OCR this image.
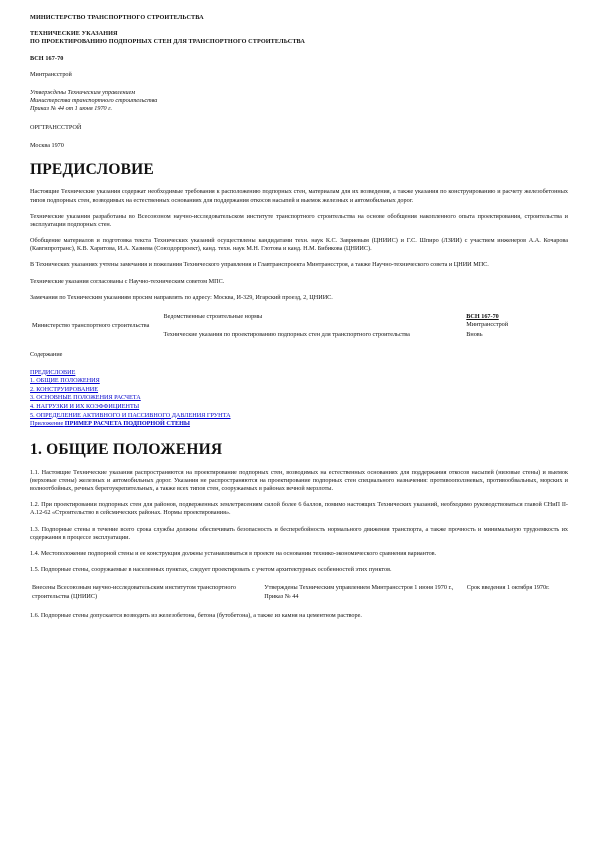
МИНИСТЕРСТВО ТРАНСПОРТНОГО СТРОИТЕЛЬСТВА

ТЕХНИЧЕСКИЕ УКАЗАНИЯ

ПО ПРОЕКТИРОВАНИЮ ПОДПОРНЫХ СТЕН ДЛЯ ТРАНСПОРТНОГО СТРОИТЕЛЬСТВА

ВСН 167-70

Минтрансстрой

Утверждены Техническим управлением

Министерства транспортного строительства

Приказ № 44 от 1 июня 1970 г.

ОРГТРАНССТРОЙ

Москва 1970

ПРЕДИСЛОВИЕ

Настоящие Технические указания содержат необходимые требования к расположению подпорных стен, материалам для их возведения, а также указания по конструированию и расчету железобетонных типов подпорных стен, возводимых на естественных основаниях для поддержания откосов насыпей и выемок железных и автомобильных дорог.

Технические указания разработаны во Всесоюзном научно-исследовательском институте транспортного строительства на основе обобщения накопленного опыта проектирования, строительства и эксплуатации подпорных стен.

Обобщение материалов и подготовка текста Технических указаний осуществлены кандидатами техн. наук К.С. Завриевым (ЦНИИС) и Г.С. Шпиро (ЛЗИИ) с участием инженеров А.А. Кочарова (Кавгипротранс), К.В. Харитова, И.А. Хазиева (Союздорпроект), канд. техн. наук М.Н. Глотова и канд. Н.М. Бибикова (ЦНИИС).

В Технических указаниях учтены замечания и пожелания Технического управления и Главтранспроекта Минтрансстроя, а также Научно-технического совета и ЦНИИ МПС.

Технические указания согласованы с Научно-техническим советом МПС.

Замечания по Техническим указаниям просим направлять по адресу: Москва, И-329, Игарский проезд, 2, ЦНИИС.

Министерство транспортного строительства	Ведомственные строительные нормы	ВСН 167-70
Минтрансстрой
	Технические указания по проектированию подпорных стен для транспортного строительства	Вновь

Содержание

ПРЕДИСЛОВИЕ
1. ОБЩИЕ ПОЛОЖЕНИЯ
2. КОНСТРУИРОВАНИЕ
3. ОСНОВНЫЕ ПОЛОЖЕНИЯ РАСЧЕТА
4. НАГРУЗКИ И ИХ КОЭФФИЦИЕНТЫ
5. ОПРЕДЕЛЕНИЕ АКТИВНОГО И ПАССИВНОГО ДАВЛЕНИЯ ГРУНТА
Приложение ПРИМЕР РАСЧЕТА ПОДПОРНОЙ СТЕНЫ
1. ОБЩИЕ ПОЛОЖЕНИЯ

1.1. Настоящие Технические указания распространяются на проектирование подпорных стен, возводимых на естественных основаниях для поддержания откосов насыпей (низовые стены) и выемок (верховые стены) железных и автомобильных дорог. Указания не распространяются на проектирование подпорных стен специального назначения: противооползневых, противообвальных, морских и волноотбойных, речных берегоукрепительных, а также всех типов стен, сооружаемых в районах вечной мерзлоты.

1.2. При проектировании подпорных стен для районов, подверженных землетрясениям силой более 6 баллов, помимо настоящих Технических указаний, необходимо руководствоваться главой СНиП II-А.12-62 «Строительство в сейсмических районах. Нормы проектирования».

1.3. Подпорные стены в течение всего срока службы должны обеспечивать безопасность и бесперебойность нормального движения транспорта, а также прочность и минимальную трудоемкость их содержания в процессе эксплуатации.

1.4. Местоположение подпорной стены и ее конструкция должны устанавливаться в проекте на основании технико-экономического сравнения вариантов.

1.5. Подпорные стены, сооружаемые в населенных пунктах, следует проектировать с учетом архитектурных особенностей этих пунктов.

Внесены Всесоюзным научно-исследовательским институтом транспортного строительства (ЦНИИС)	Утверждены Техническим управлением Минтрансстроя 1 июня 1970 г., Приказ № 44	Срок введения 1 октября 1970г.

1.6. Подпорные стены допускается возводить из железобетона, бетона (бутобетона), а также из камня на цементном растворе.
